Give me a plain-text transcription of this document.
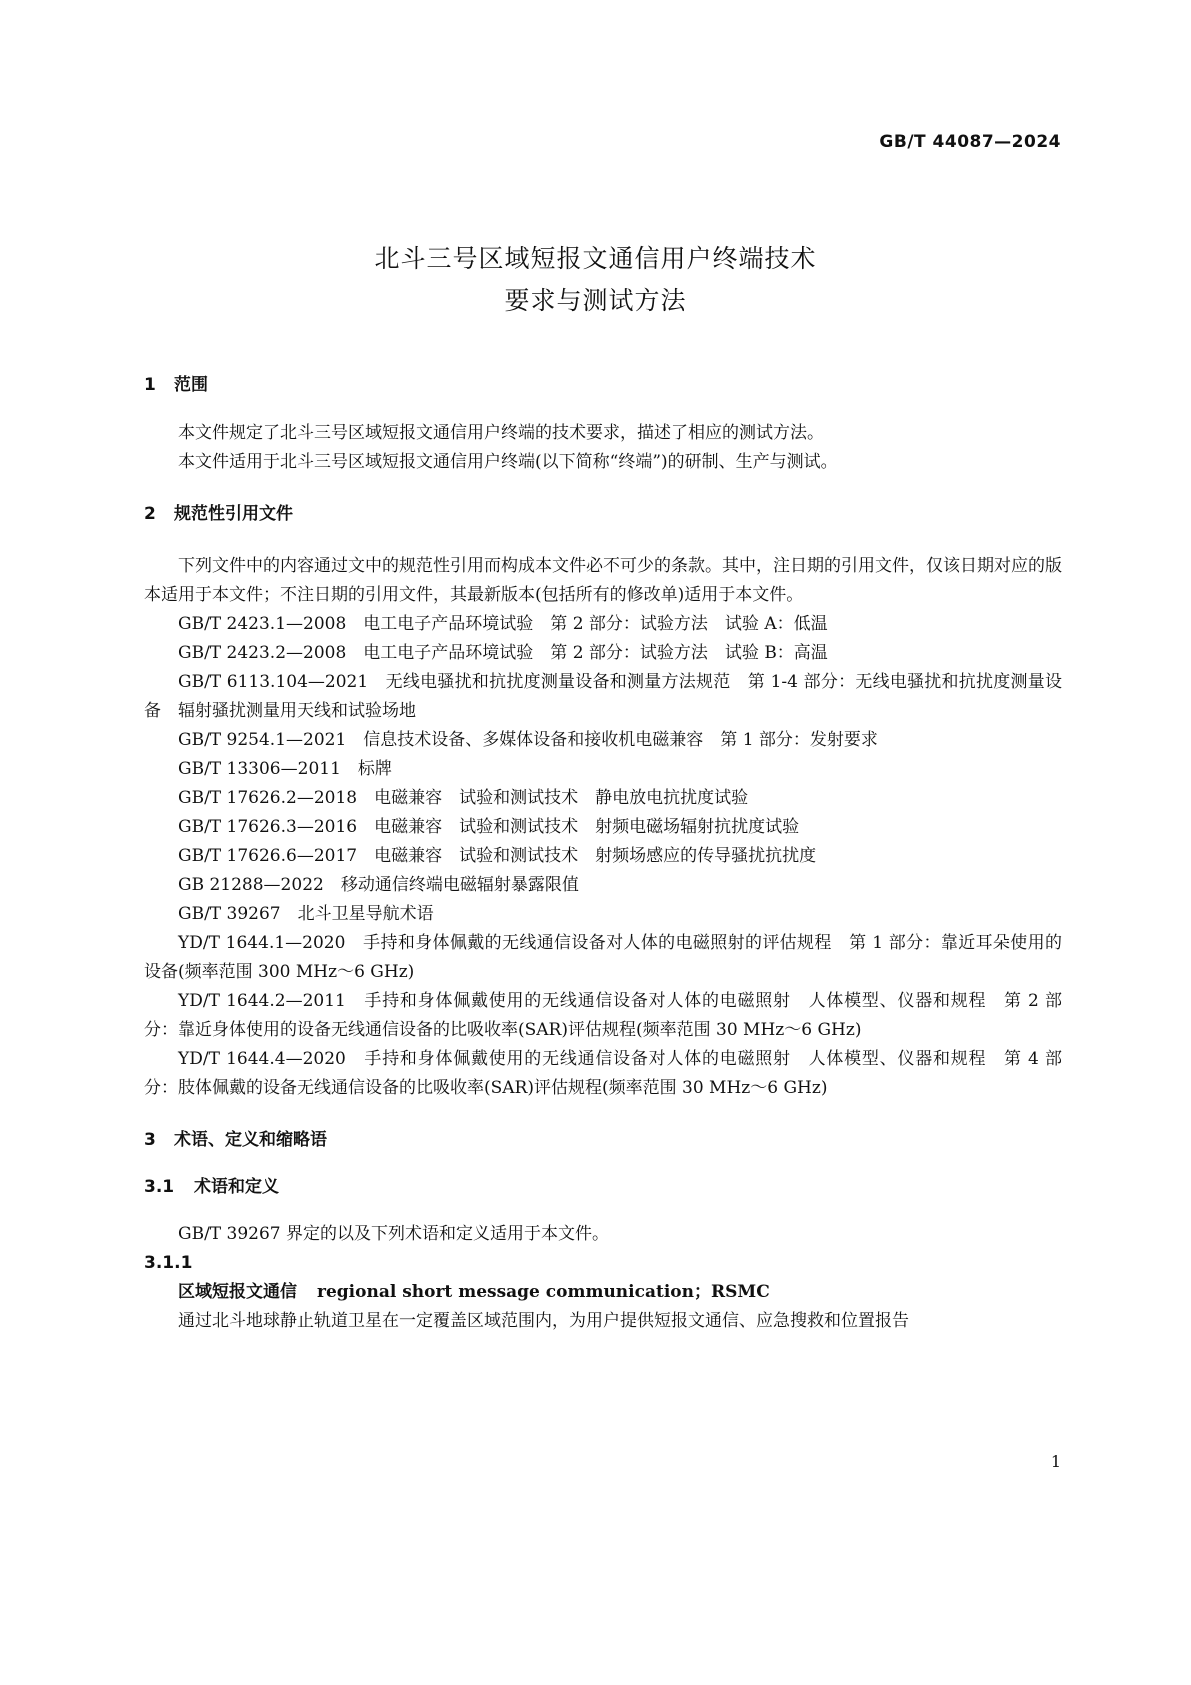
GB/T 44087—2024
北斗三号区域短报文通信用户终端技术
要求与测试方法
1 范围

本文件规定了北斗三号区域短报文通信用户终端的技术要求，描述了相应的测试方法。

本文件适用于北斗三号区域短报文通信用户终端(以下简称“终端”)的研制、生产与测试。

2 规范性引用文件

下列文件中的内容通过文中的规范性引用而构成本文件必不可少的条款。其中，注日期的引用文件，仅该日期对应的版本适用于本文件；不注日期的引用文件，其最新版本(包括所有的修改单)适用于本文件。

GB/T 2423.1—2008　电工电子产品环境试验　第 2 部分：试验方法　试验 A：低温

GB/T 2423.2—2008　电工电子产品环境试验　第 2 部分：试验方法　试验 B：高温

GB/T 6113.104—2021　无线电骚扰和抗扰度测量设备和测量方法规范　第 1-4 部分：无线电骚扰和抗扰度测量设备　辐射骚扰测量用天线和试验场地

GB/T 9254.1—2021　信息技术设备、多媒体设备和接收机电磁兼容　第 1 部分：发射要求

GB/T 13306—2011　标牌

GB/T 17626.2—2018　电磁兼容　试验和测试技术　静电放电抗扰度试验

GB/T 17626.3—2016　电磁兼容　试验和测试技术　射频电磁场辐射抗扰度试验

GB/T 17626.6—2017　电磁兼容　试验和测试技术　射频场感应的传导骚扰抗扰度

GB 21288—2022　移动通信终端电磁辐射暴露限值

GB/T 39267　北斗卫星导航术语

YD/T 1644.1—2020　手持和身体佩戴的无线通信设备对人体的电磁照射的评估规程　第 1 部分：靠近耳朵使用的设备(频率范围 300 MHz～6 GHz)

YD/T 1644.2—2011　手持和身体佩戴使用的无线通信设备对人体的电磁照射　人体模型、仪器和规程　第 2 部分：靠近身体使用的设备无线通信设备的比吸收率(SAR)评估规程(频率范围 30 MHz～6 GHz)

YD/T 1644.4—2020　手持和身体佩戴使用的无线通信设备对人体的电磁照射　人体模型、仪器和规程　第 4 部分：肢体佩戴的设备无线通信设备的比吸收率(SAR)评估规程(频率范围 30 MHz～6 GHz)

3 术语、定义和缩略语
3.1 术语和定义

GB/T 39267 界定的以及下列术语和定义适用于本文件。

3.1.1

区域短报文通信 regional short message communication；RSMC

通过北斗地球静止轨道卫星在一定覆盖区域范围内，为用户提供短报文通信、应急搜救和位置报告

1
